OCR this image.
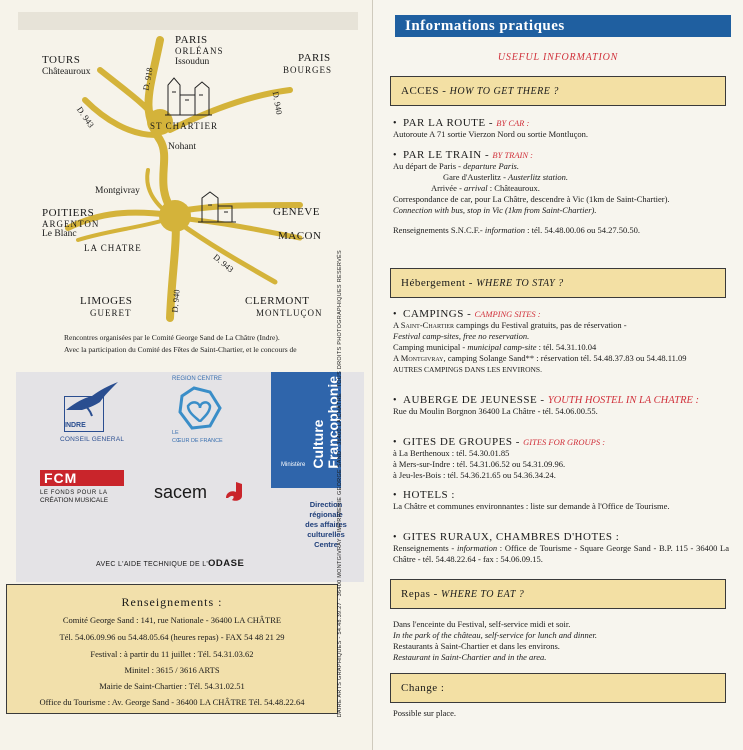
TOURS
Châteauroux
PARIS
ORLÉANS
Issoudun	PARIS
BOURGES
ST CHARTIER
Nohant
Montgivray
POITIERS
ARGENTON
Le Blanc
LA CHATRE
GENEVE
MACON
LIMOGES
GUERET
CLERMONT
MONTLUÇON
D. 918
D. 943
D. 940
D. 943
D. 940
Rencontres organisées par le Comité George Sand de La Châtre (Indre).
Avec la participation du Comité des Fêtes de Saint-Chartier, et le concours de
INDRE
CONSEIL GENERAL
REGION CENTRE
LE
CŒUR DE FRANCE	Culture
Francophonie
Ministère
FCM
LE FONDS POUR LA
CRÉATION MUSICALE	sacem
Direction
régionale
des affaires
culturelles
Centre
AVEC L'AIDE TECHNIQUE DE L'ODASE
Renseignements :
Comité George Sand : 141, rue Nationale - 36400 LA CHÂTRE
Tél. 54.06.09.96 ou 54.48.05.64 (heures repas) - FAX 54 48 21 29
Festival : à partir du 11 juillet : Tél. 54.31.03.62
Minitel : 3615 / 3616 ARTS
Mairie de Saint-Chartier : Tél. 54.31.02.51
Office du Tourisme : Av. George Sand - 36400 LA CHÂTRE Tél. 54.48.22.64	DAIRE ARTS GRAPHIQUES - 54.48.39.27 - 36400 MONTGIVRAY - IMPRIMERIE GEORGE SAND - 36400 LA CHÂTRE - TOUS DROITS PHOTOGRAPHIQUES RESERVÉS
Informations pratiques
USEFUL INFORMATION
ACCES - HOW TO GET THERE ?
• PAR LA ROUTE - BY CAR :
Autoroute A 71 sortie Vierzon Nord ou sortie Montluçon.
• PAR LE TRAIN - BY TRAIN :
Au départ de Paris - departure Paris.
Gare d'Austerlitz - Austerlitz station.
Arrivée - arrival : Châteauroux.
Correspondance de car, pour La Châtre, descendre à Vic (1km de Saint-Chartier).
Connection with bus, stop in Vic (1km from Saint-Chartier).
Renseignements S.N.C.F.- information : tél. 54.48.00.06 ou 54.27.50.50.
Hébergement - WHERE TO STAY ?
• CAMPINGS - CAMPING SITES :
A Saint-Chartier campings du Festival gratuits, pas de réservation -
Festival camp-sites, free no reservation.
Camping municipal - municipal camp-site : tél. 54.31.10.04
A Montgivray, camping Solange Sand** : réservation tél. 54.48.37.83 ou 54.48.11.09
AUTRES CAMPINGS DANS LES ENVIRONS.
• AUBERGE DE JEUNESSE - YOUTH HOSTEL IN LA CHATRE :
Rue du Moulin Borgnon 36400 La Châtre - tél. 54.06.00.55.
• GITES DE GROUPES - GITES FOR GROUPS :
à La Berthenoux : tél. 54.30.01.85
à Mers-sur-Indre : tél. 54.31.06.52 ou 54.31.09.96.
à Jeu-les-Bois : tél. 54.36.21.65 ou 54.36.34.24.
• HOTELS :
La Châtre et communes environnantes : liste sur demande à l'Office de Tourisme.
• GITES RURAUX, CHAMBRES D'HOTES :
Renseignements - information : Office de Tourisme - Square George Sand - B.P. 115 - 36400 La Châtre - tél. 54.48.22.64 - fax : 54.06.09.15.
Repas - WHERE TO EAT ?
Dans l'enceinte du Festival, self-service midi et soir.
In the park of the château, self-service for lunch and dinner.
Restaurants à Saint-Chartier et dans les environs.
Restaurant in Saint-Chartier and in the area.
Change :
Possible sur place.
